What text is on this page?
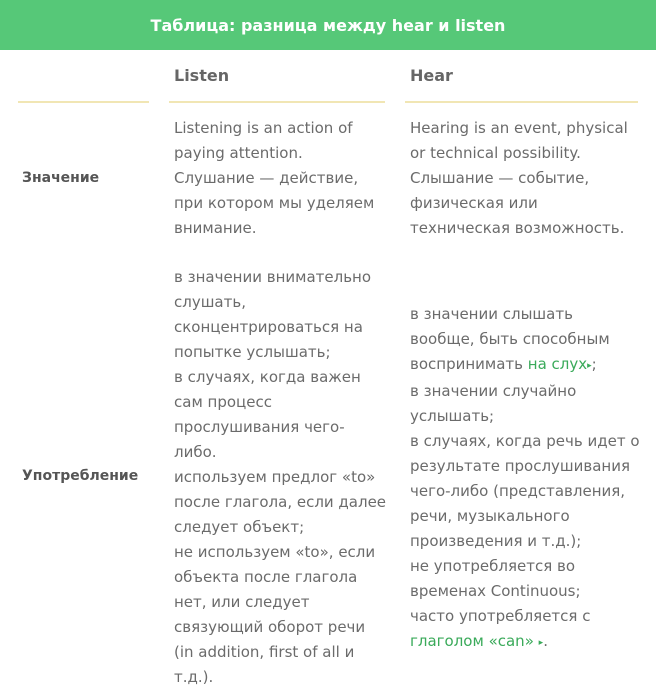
Таблица: разница между hear и listen
Listen	Hear
Значение
Listening is an action of
paying attention.
Слушание — действие,
при котором мы уделяем
внимание.
Hearing is an event, physical
or technical possibility.
Слышание — событие,
физическая или
техническая возможность.
Употребление
в значении внимательно
слушать,
сконцентрироваться на
попытке услышать;
в случаях, когда важен
сам процесс
прослушивания чего-
либо.
используем предлог «to»
после глагола, если далее
следует объект;
не используем «to», если
объекта после глагола
нет, или следует
связующий оборот речи
(in addition, first of all и
т.д.).
в значении слышать
вообще, быть способным
воспринимать на слух▸;
в значении случайно
услышать;
в случаях, когда речь идет о
результате прослушивания
чего-либо (представления,
речи, музыкального
произведения и т.д.);
не употребляется во
временах Continuous;
часто употребляется с
глаголом «can» ▸.
